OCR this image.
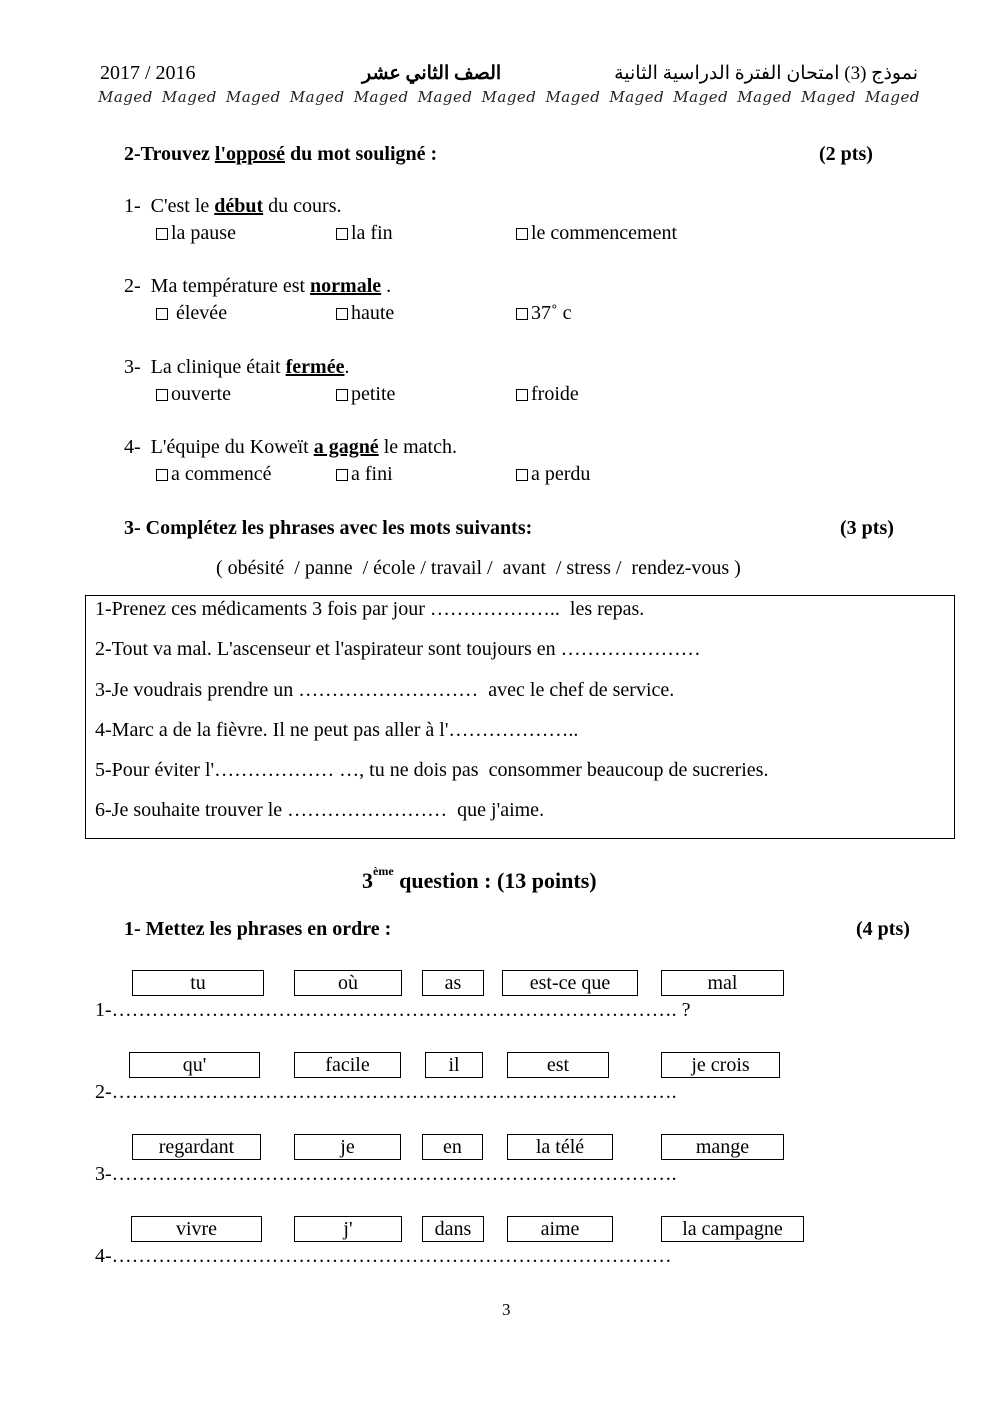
2017 / 2016	الصف الثاني عشر	نموذج (3) امتحان الفترة الدراسية الثانية
Maged Maged Maged Maged Maged Maged Maged Maged Maged Maged Maged Maged Maged
2-Trouvez l'opposé du mot souligné :	(2 pts)
1- C'est le début du cours.
la pause	la fin	le commencement
2- Ma température est normale .
élevée	haute	37˚ c
3- La clinique était fermée.
ouverte	petite	froide
4- L'équipe du Koweït a gagné le match.
a commencé	a fini	a perdu
3- Complétez les phrases avec les mots suivants:	(3 pts)
( obésité  / panne  / école / travail /  avant  / stress /  rendez-vous )
1-Prenez ces médicaments 3 fois par jour ………………..  les repas.
2-Tout va mal. L'ascenseur et l'aspirateur sont toujours en …………………
3-Je voudrais prendre un ………………………  avec le chef de service.
4-Marc a de la fièvre. Il ne peut pas aller à l'………………..
5-Pour éviter l'……………… …, tu ne dois pas  consommer beaucoup de sucreries.
6-Je souhaite trouver le ……………………  que j'aime.
3ème question : (13 points)
1- Mettez les phrases en ordre :	(4 pts)
tu	où	as	est-ce que	mal
1-…………………………………………………………………………. ?
qu'	facile	il	est	je crois
2-………………………………………………………………………….
regardant	je	en	la télé	mange
3-………………………………………………………………………….
vivre	j'	dans	aime	la campagne
4-…………………………………………………………………………
3
